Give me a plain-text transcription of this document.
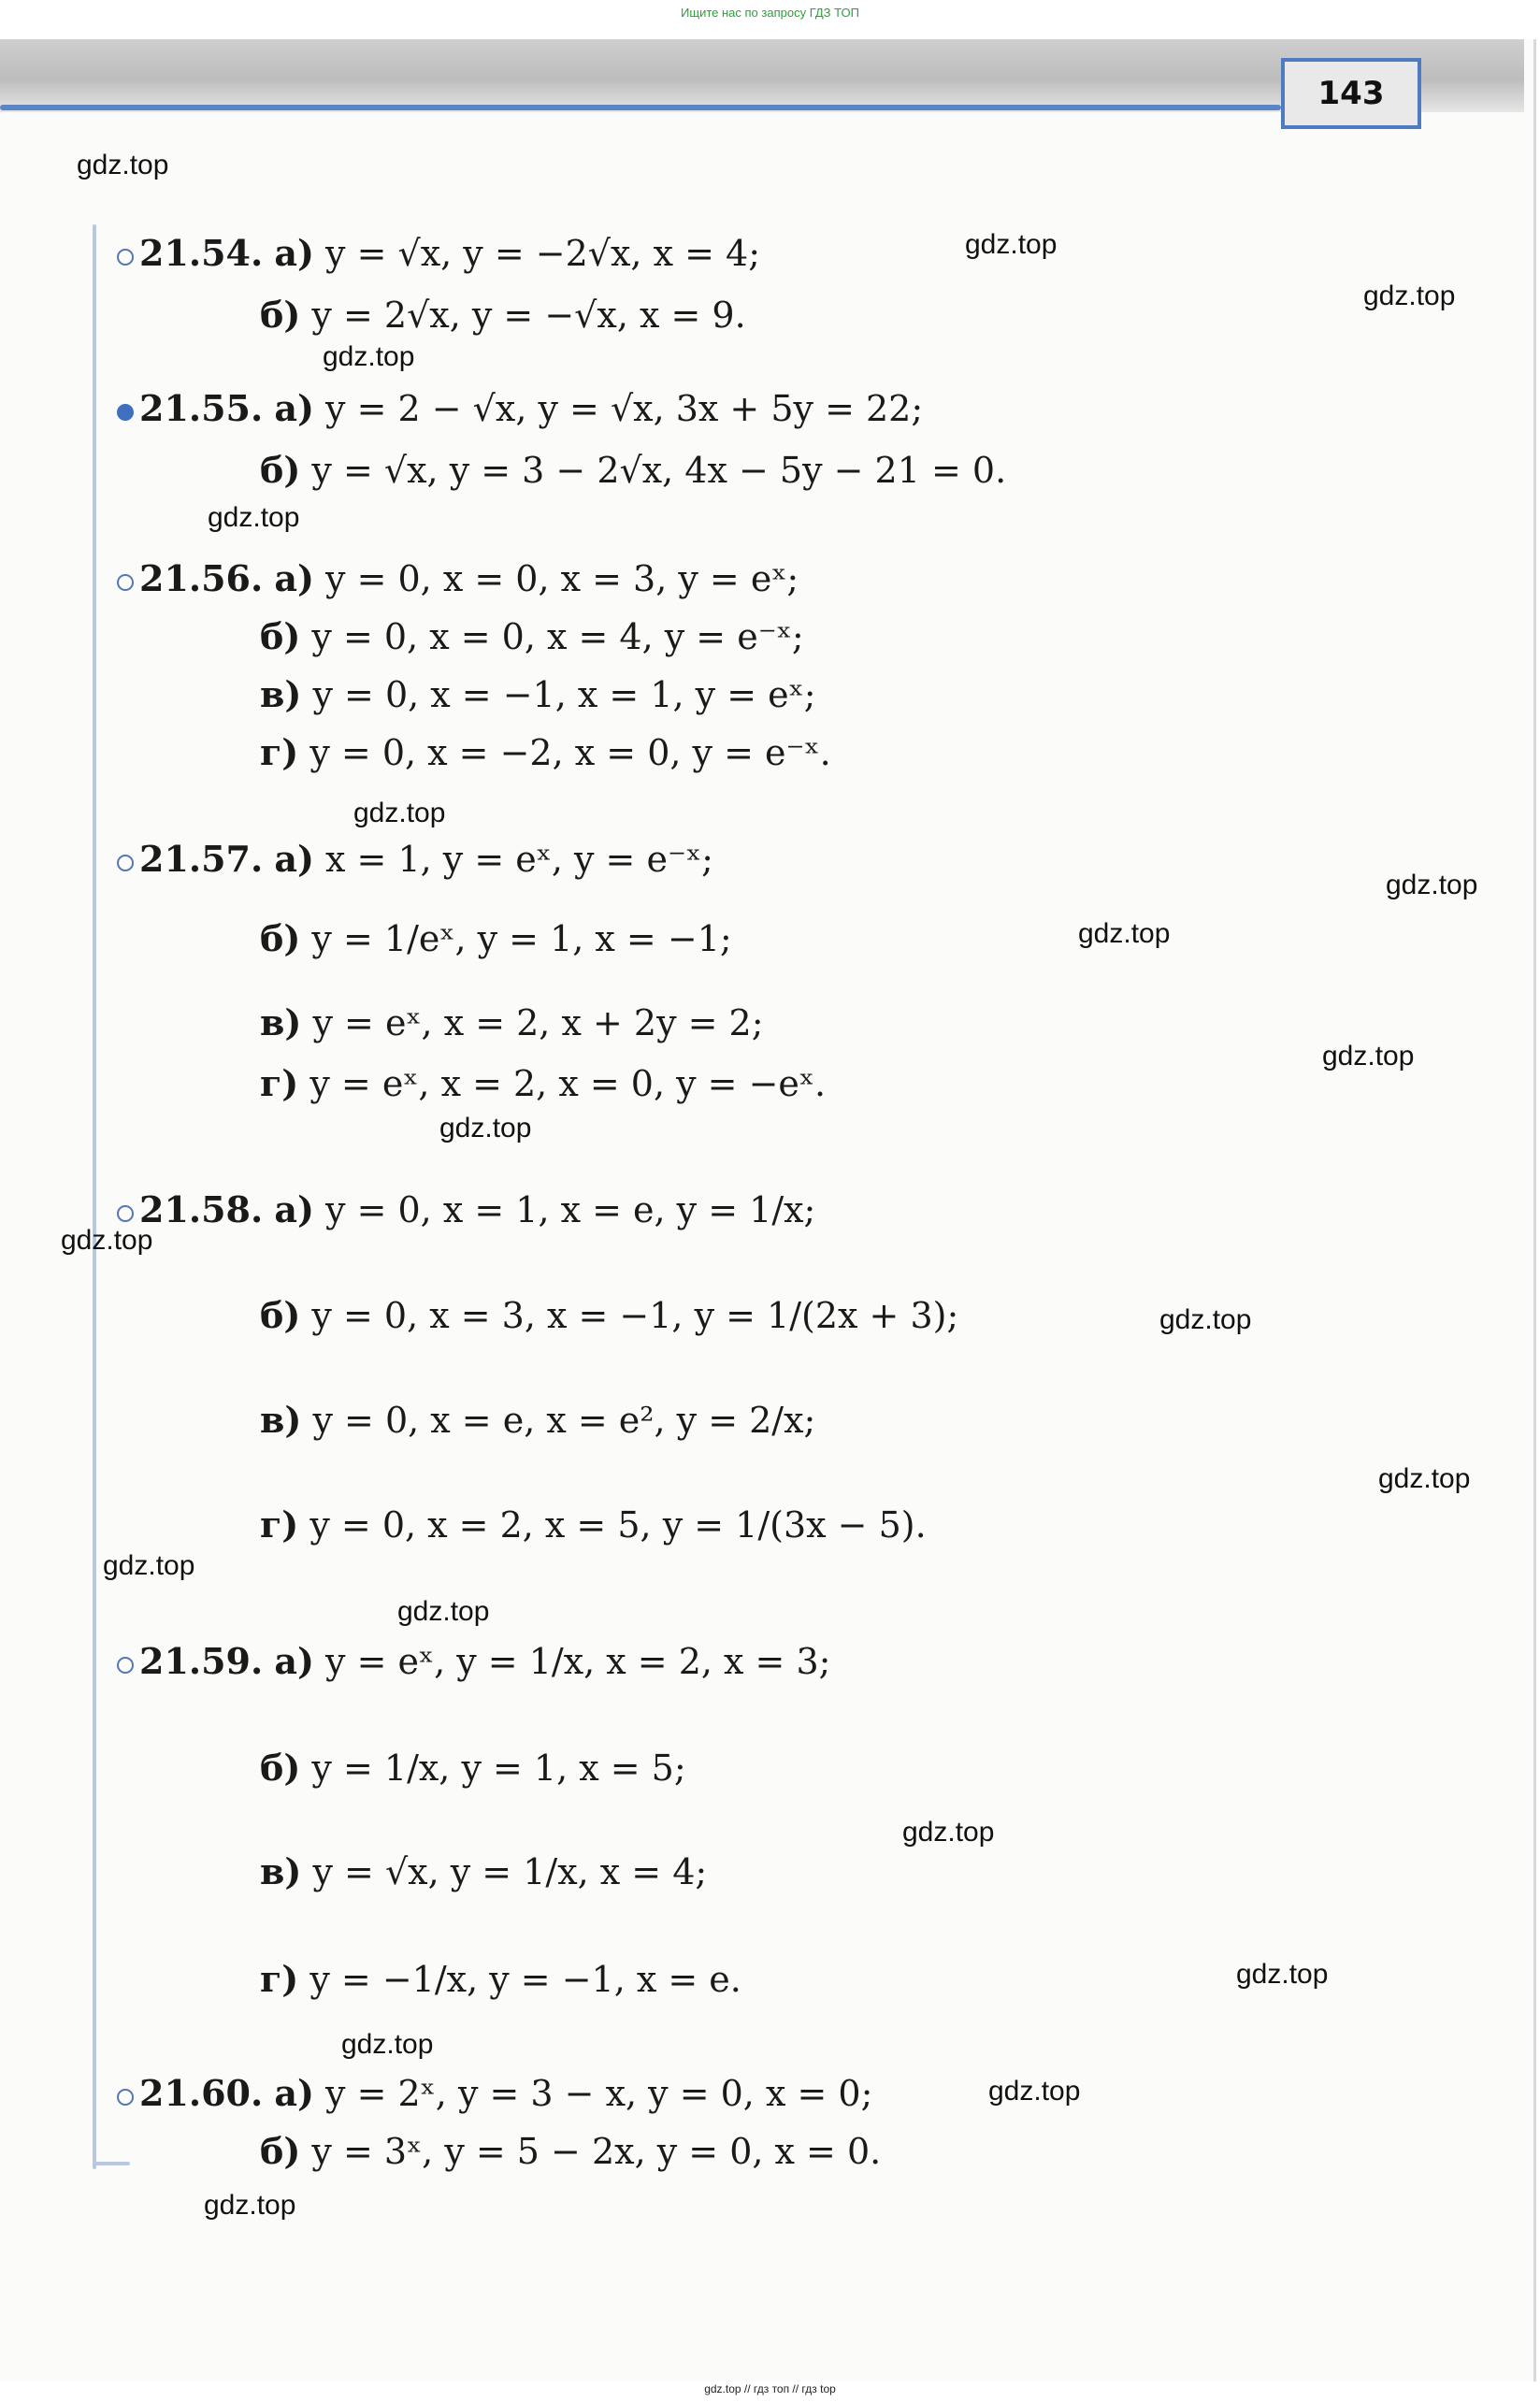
Ищите нас по запросу ГДЗ ТОП
143
21.54. а) y = √x, y = −2√x, x = 4;
б) y = 2√x, y = −√x, x = 9.
21.55. а) y = 2 − √x, y = √x, 3x + 5y = 22;
б) y = √x, y = 3 − 2√x, 4x − 5y − 21 = 0.
21.56. а) y = 0, x = 0, x = 3, y = eˣ;
б) y = 0, x = 0, x = 4, y = e⁻ˣ;
в) y = 0, x = −1, x = 1, y = eˣ;
г) y = 0, x = −2, x = 0, y = e⁻ˣ.
21.57. а) x = 1, y = eˣ, y = e⁻ˣ;
б) y = 1/eˣ, y = 1, x = −1;
в) y = eˣ, x = 2, x + 2y = 2;
г) y = eˣ, x = 2, x = 0, y = −eˣ.
21.58. а) y = 0, x = 1, x = e, y = 1/x;
б) y = 0, x = 3, x = −1, y = 1/(2x + 3);
в) y = 0, x = e, x = e², y = 2/x;
г) y = 0, x = 2, x = 5, y = 1/(3x − 5).
21.59. а) y = eˣ, y = 1/x, x = 2, x = 3;
б) y = 1/x, y = 1, x = 5;
в) y = √x, y = 1/x, x = 4;
г) y = −1/x, y = −1, x = e.
21.60. а) y = 2ˣ, y = 3 − x, y = 0, x = 0;
б) y = 3ˣ, y = 5 − 2x, y = 0, x = 0.
gdz.top
gdz.top
gdz.top
gdz.top
gdz.top
gdz.top
gdz.top
gdz.top
gdz.top
gdz.top
gdz.top
gdz.top
gdz.top
gdz.top
gdz.top
gdz.top
gdz.top
gdz.top
gdz.top
gdz.top
gdz.top // гдз топ // гдз top
